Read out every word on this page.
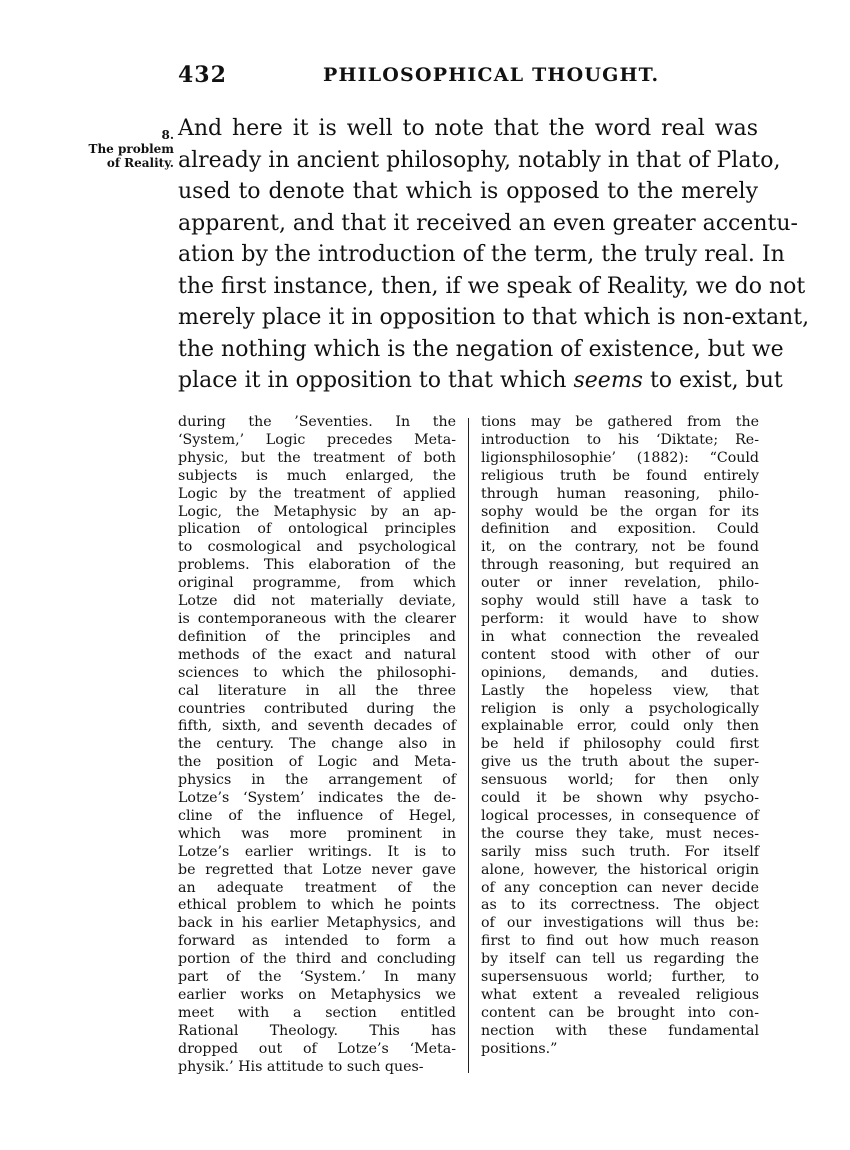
432	PHILOSOPHICAL THOUGHT.
8.
The problem
of Reality.
And here it is well to note that the word real was
already in ancient philosophy, notably in that of Plato,
used to denote that which is opposed to the merely
apparent, and that it received an even greater accentu-
ation by the introduction of the term, the truly real. In
the first instance, then, if we speak of Reality, we do not
merely place it in opposition to that which is non-extant,
the nothing which is the negation of existence, but we
place it in opposition to that which seems to exist, but
during the ’Seventies. In the
‘System,’ Logic precedes Meta-
physic, but the treatment of both
subjects is much enlarged, the
Logic by the treatment of applied
Logic, the Metaphysic by an ap-
plication of ontological principles
to cosmological and psychological
problems. This elaboration of the
original programme, from which
Lotze did not materially deviate,
is contemporaneous with the clearer
definition of the principles and
methods of the exact and natural
sciences to which the philosophi-
cal literature in all the three
countries contributed during the
fifth, sixth, and seventh decades of
the century. The change also in
the position of Logic and Meta-
physics in the arrangement of
Lotze’s ‘System’ indicates the de-
cline of the influence of Hegel,
which was more prominent in
Lotze’s earlier writings. It is to
be regretted that Lotze never gave
an adequate treatment of the
ethical problem to which he points
back in his earlier Metaphysics, and
forward as intended to form a
portion of the third and concluding
part of the ‘System.’ In many
earlier works on Metaphysics we
meet with a section entitled
Rational Theology. This has
dropped out of Lotze’s ‘Meta-
physik.’ His attitude to such ques-
tions may be gathered from the
introduction to his ‘Diktate; Re-
ligionsphilosophie’ (1882): “Could
religious truth be found entirely
through human reasoning, philo-
sophy would be the organ for its
definition and exposition. Could
it, on the contrary, not be found
through reasoning, but required an
outer or inner revelation, philo-
sophy would still have a task to
perform: it would have to show
in what connection the revealed
content stood with other of our
opinions, demands, and duties.
Lastly the hopeless view, that
religion is only a psychologically
explainable error, could only then
be held if philosophy could first
give us the truth about the super-
sensuous world; for then only
could it be shown why psycho-
logical processes, in consequence of
the course they take, must neces-
sarily miss such truth. For itself
alone, however, the historical origin
of any conception can never decide
as to its correctness. The object
of our investigations will thus be:
first to find out how much reason
by itself can tell us regarding the
supersensuous world; further, to
what extent a revealed religious
content can be brought into con-
nection with these fundamental
positions.”
